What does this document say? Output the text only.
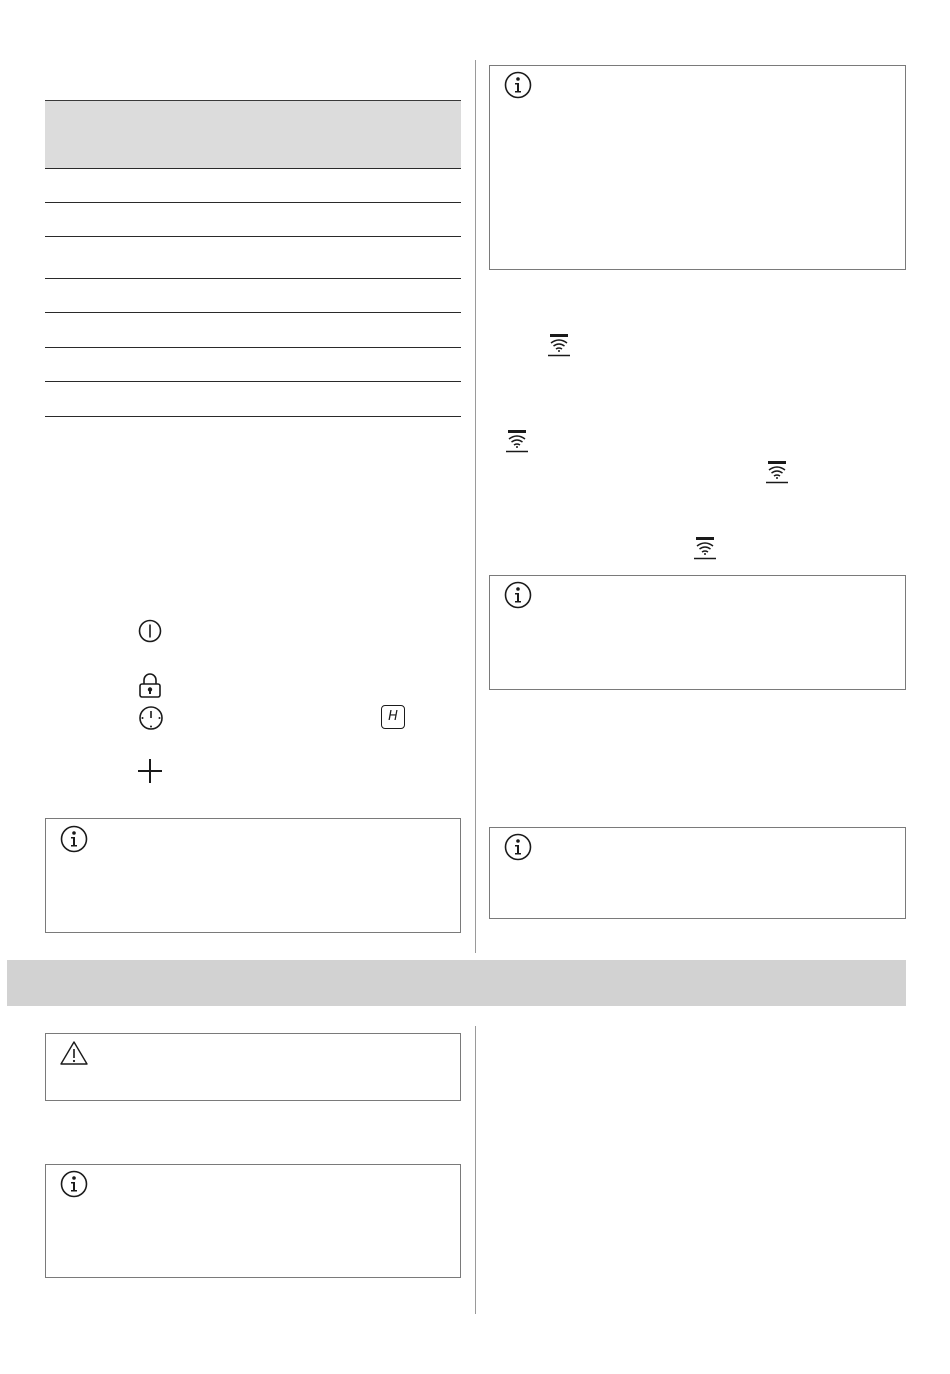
H
